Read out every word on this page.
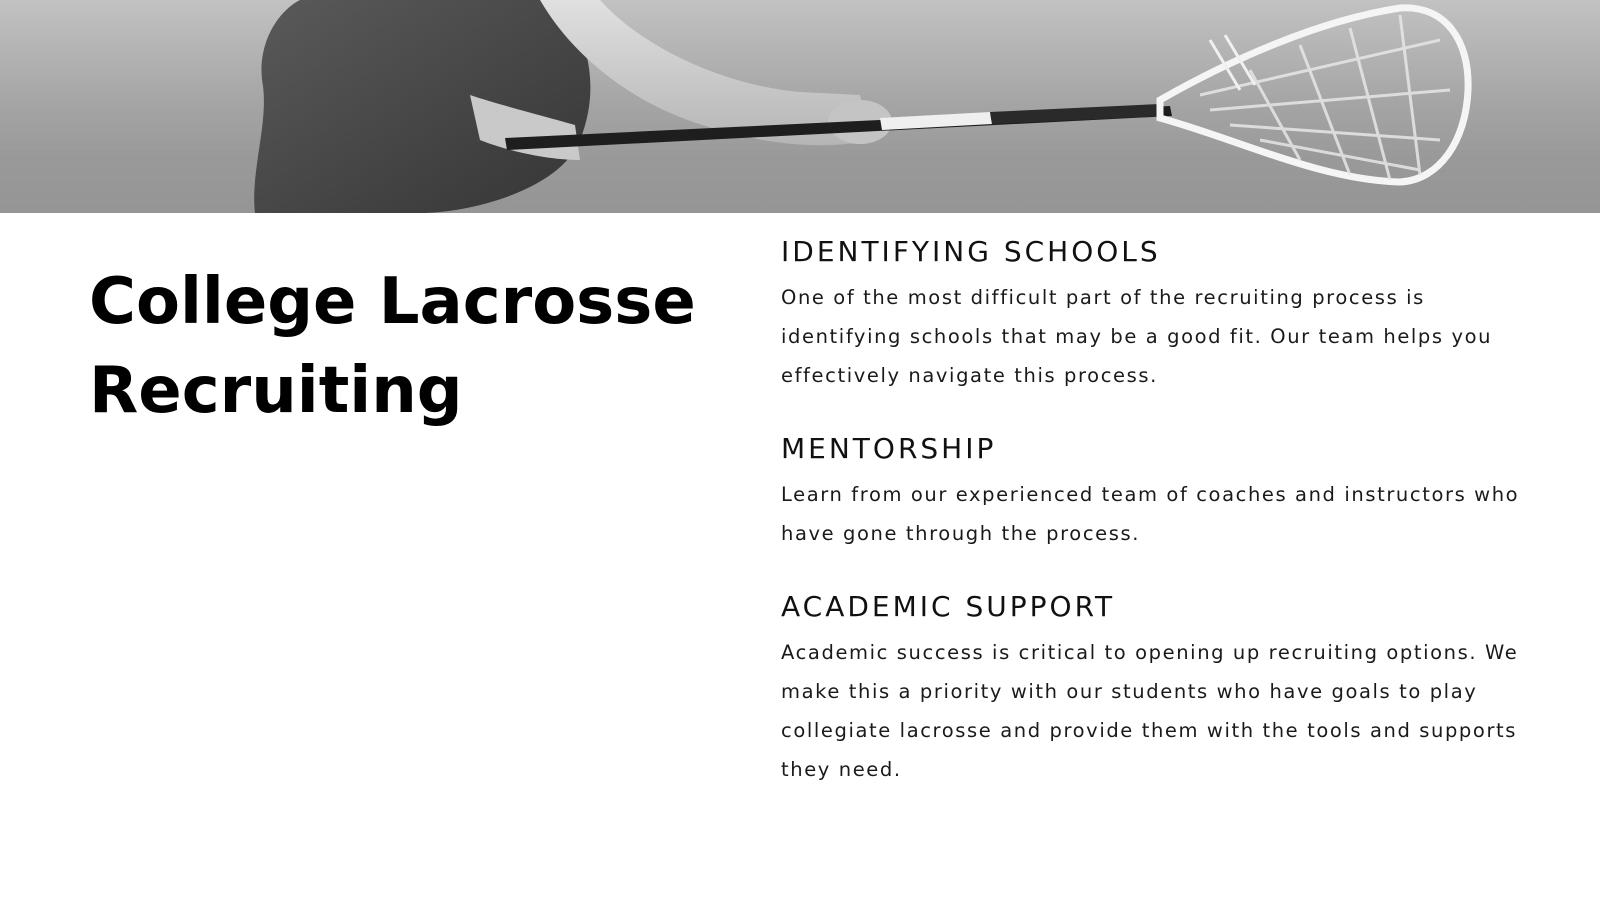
College Lacrosse
Recruiting
IDENTIFYING SCHOOLS

One of the most difficult part of the recruiting process is identifying schools that may be a good fit. Our team helps you effectively navigate this process.

MENTORSHIP

Learn from our experienced team of coaches and instructors who have gone through the process.

ACADEMIC SUPPORT

Academic success is critical to opening up recruiting options. We make this a priority with our students who have goals to play collegiate lacrosse and provide them with the tools and supports they need.
